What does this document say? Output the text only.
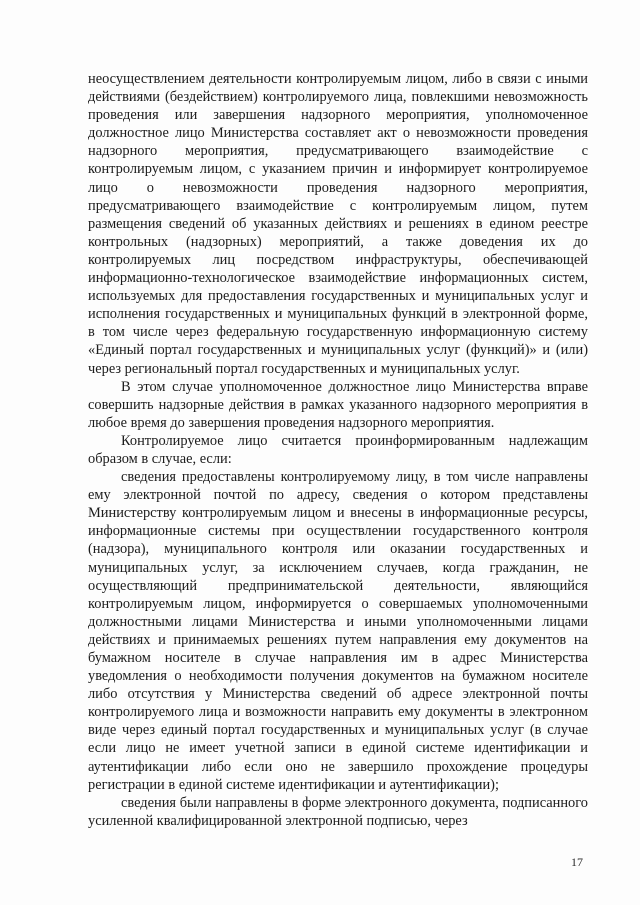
неосуществлением деятельности контролируемым лицом, либо в связи с иными действиями (бездействием) контролируемого лица, повлекшими невозможность проведения или завершения надзорного мероприятия, уполномоченное должностное лицо Министерства составляет акт о невозможности проведения надзорного мероприятия, предусматривающего взаимодействие с контролируемым лицом, с указанием причин и информирует контролируемое лицо о невозможности проведения надзорного мероприятия, предусматривающего взаимодействие с контролируемым лицом, путем размещения сведений об указанных действиях и решениях в едином реестре контрольных (надзорных) мероприятий, а также доведения их до контролируемых лиц посредством инфраструктуры, обеспечивающей информационно-технологическое взаимодействие информационных систем, используемых для предоставления государственных и муниципальных услуг и исполнения государственных и муниципальных функций в электронной форме, в том числе через федеральную государственную информационную систему «Единый портал государственных и муниципальных услуг (функций)» и (или) через региональный портал государственных и муниципальных услуг.

В этом случае уполномоченное должностное лицо Министерства вправе совершить надзорные действия в рамках указанного надзорного мероприятия в любое время до завершения проведения надзорного мероприятия.

Контролируемое лицо считается проинформированным надлежащим образом в случае, если:

сведения предоставлены контролируемому лицу, в том числе направлены ему электронной почтой по адресу, сведения о котором представлены Министерству контролируемым лицом и внесены в информационные ресурсы, информационные системы при осуществлении государственного контроля (надзора), муниципального контроля или оказании государственных и муниципальных услуг, за исключением случаев, когда гражданин, не осуществляющий предпринимательской деятельности, являющийся контролируемым лицом, информируется о совершаемых уполномоченными должностными лицами Министерства и иными уполномоченными лицами действиях и принимаемых решениях путем направления ему документов на бумажном носителе в случае направления им в адрес Министерства уведомления о необходимости получения документов на бумажном носителе либо отсутствия у Министерства сведений об адресе электронной почты контролируемого лица и возможности направить ему документы в электронном виде через единый портал государственных и муниципальных услуг (в случае если лицо не имеет учетной записи в единой системе идентификации и аутентификации либо если оно не завершило прохождение процедуры регистрации в единой системе идентификации и аутентификации);

сведения были направлены в форме электронного документа, подписанного усиленной квалифицированной электронной подписью, через

17
